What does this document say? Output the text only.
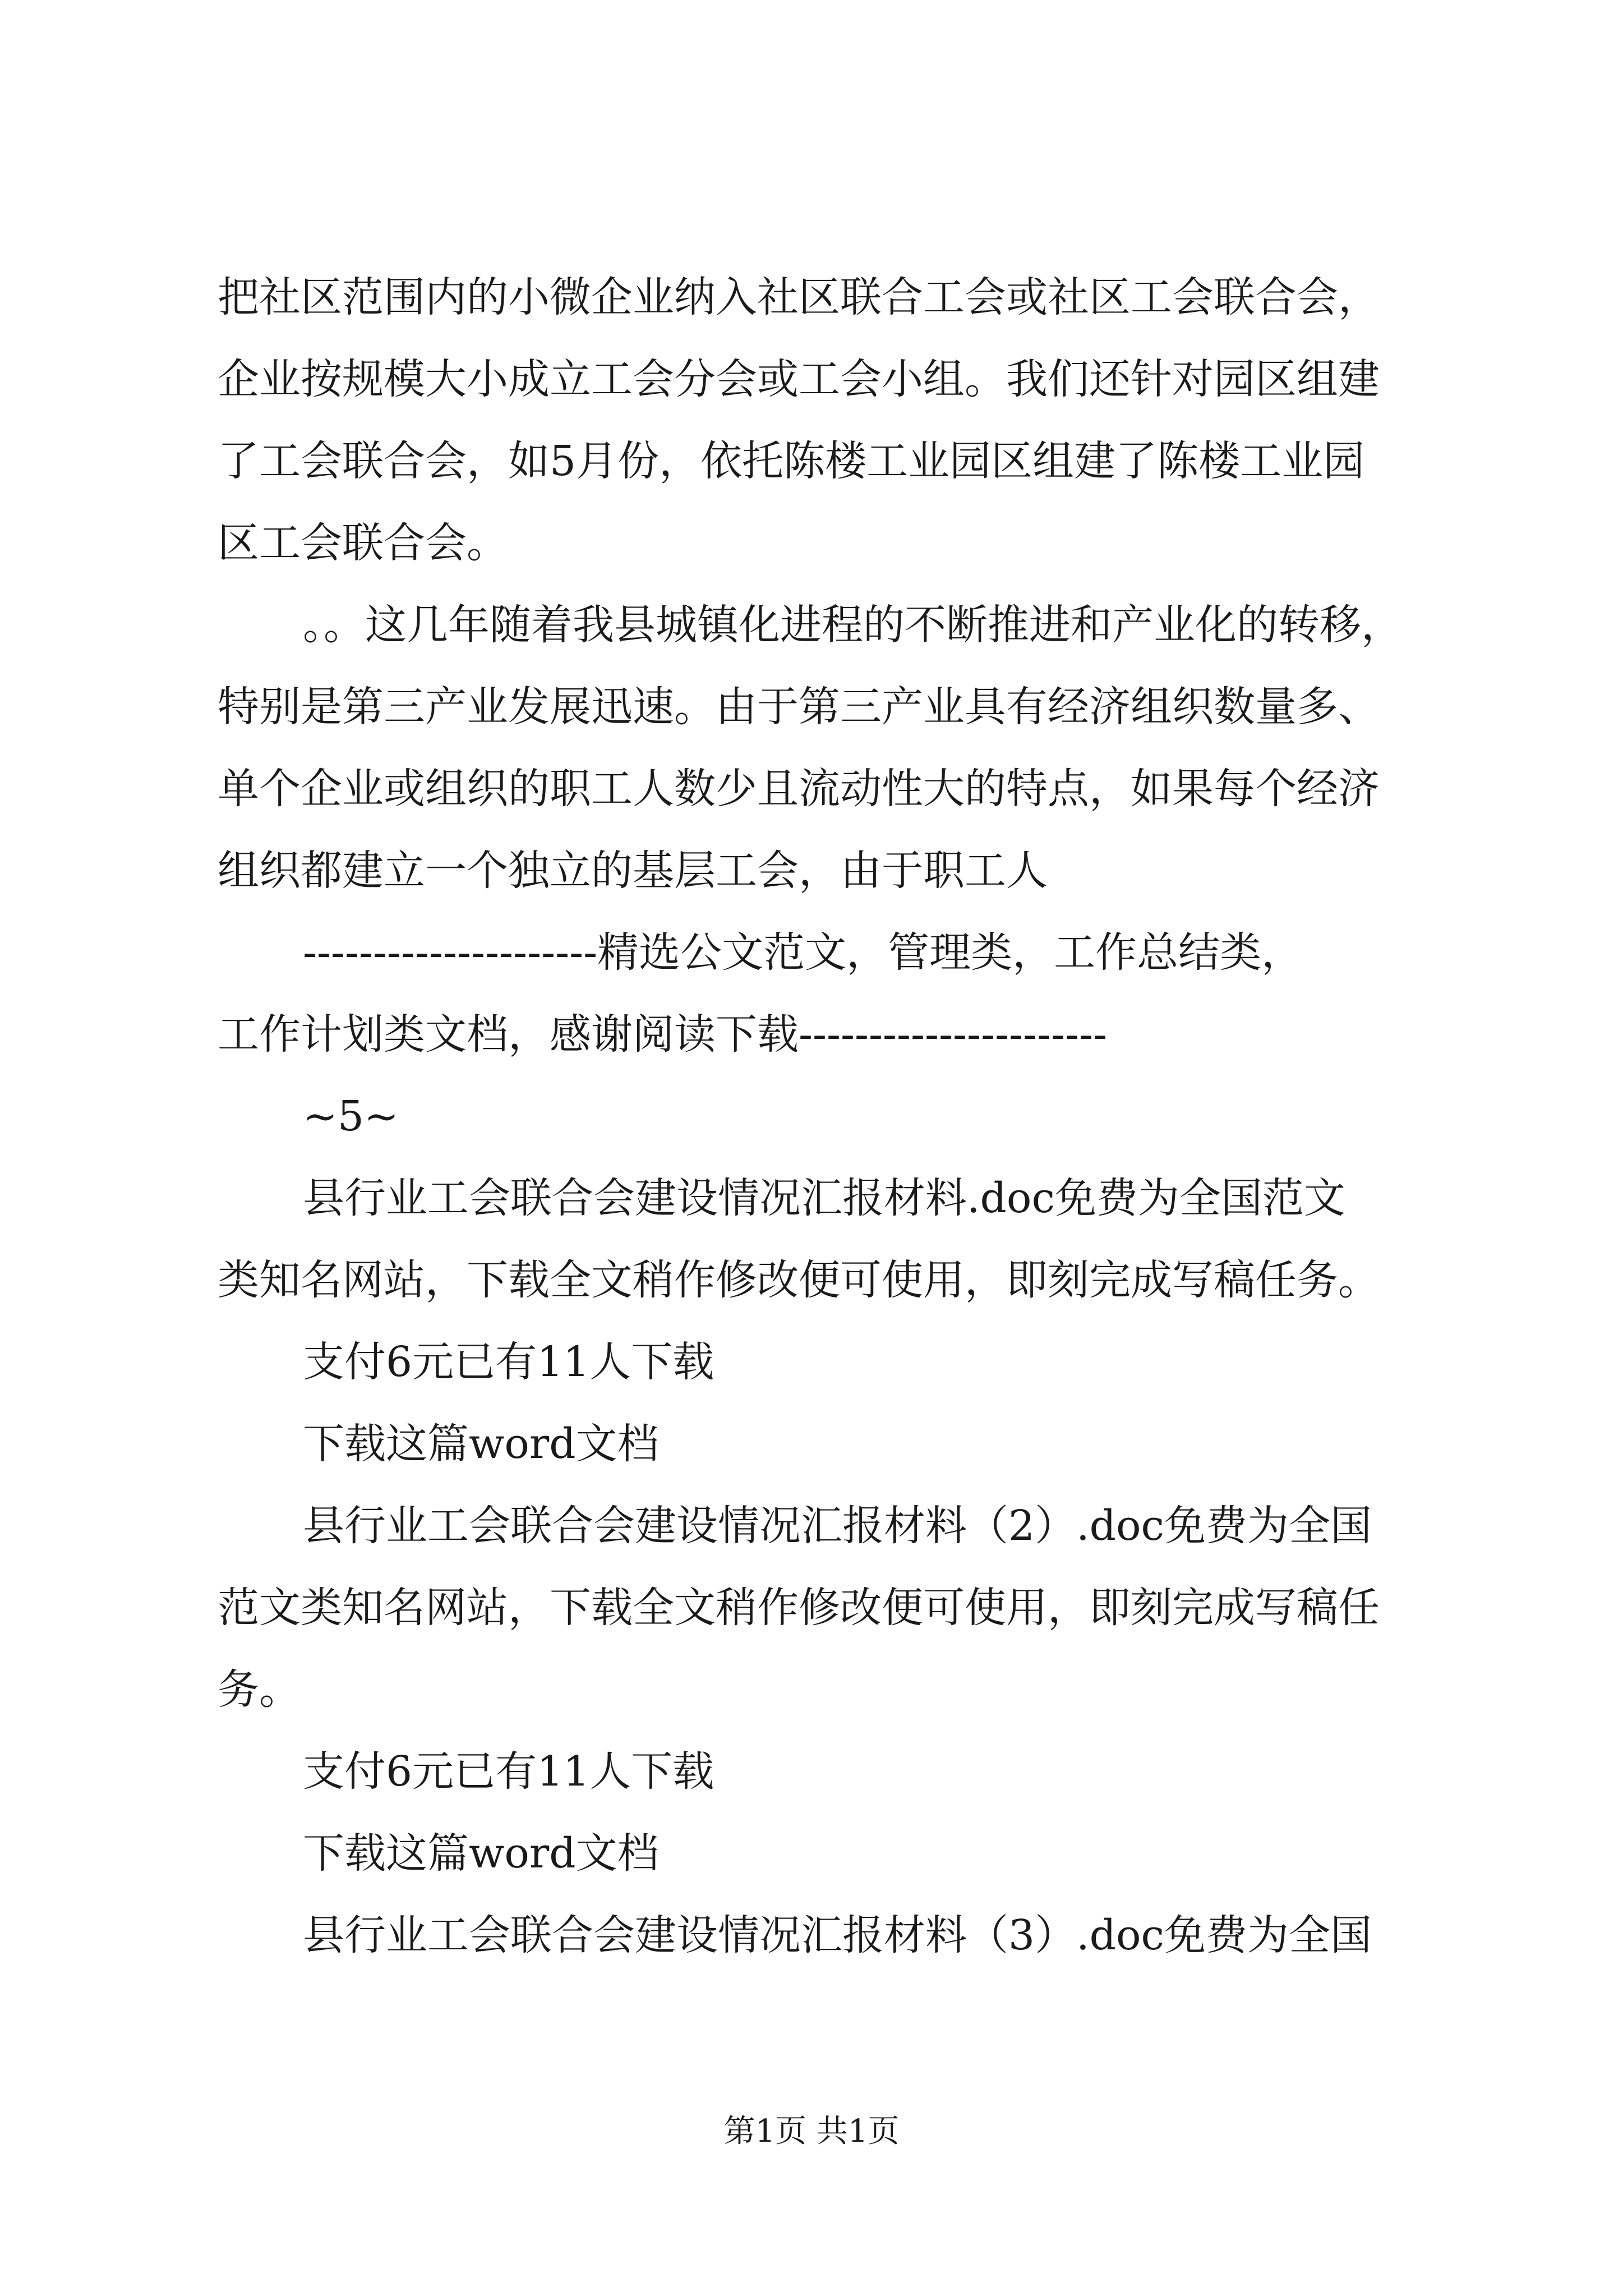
把社区范围内的小微企业纳入社区联合工会或社区工会联合会，
企业按规模大小成立工会分会或工会小组。我们还针对园区组建
了工会联合会，如5月份，依托陈楼工业园区组建了陈楼工业园
区工会联合会。
。。这几年随着我县城镇化进程的不断推进和产业化的转移，
特别是第三产业发展迅速。由于第三产业具有经济组织数量多、
单个企业或组织的职工人数少且流动性大的特点，如果每个经济
组织都建立一个独立的基层工会，由于职工人
---------------------精选公文范文，管理类，工作总结类，
工作计划类文档，感谢阅读下载----------------------
~5~
县行业工会联合会建设情况汇报材料.doc免费为全国范文
类知名网站，下载全文稍作修改便可使用，即刻完成写稿任务。
支付6元已有11人下载
下载这篇word文档
县行业工会联合会建设情况汇报材料（2）.doc免费为全国
范文类知名网站，下载全文稍作修改便可使用，即刻完成写稿任
务。
支付6元已有11人下载
下载这篇word文档
县行业工会联合会建设情况汇报材料（3）.doc免费为全国
第1页 共1页
